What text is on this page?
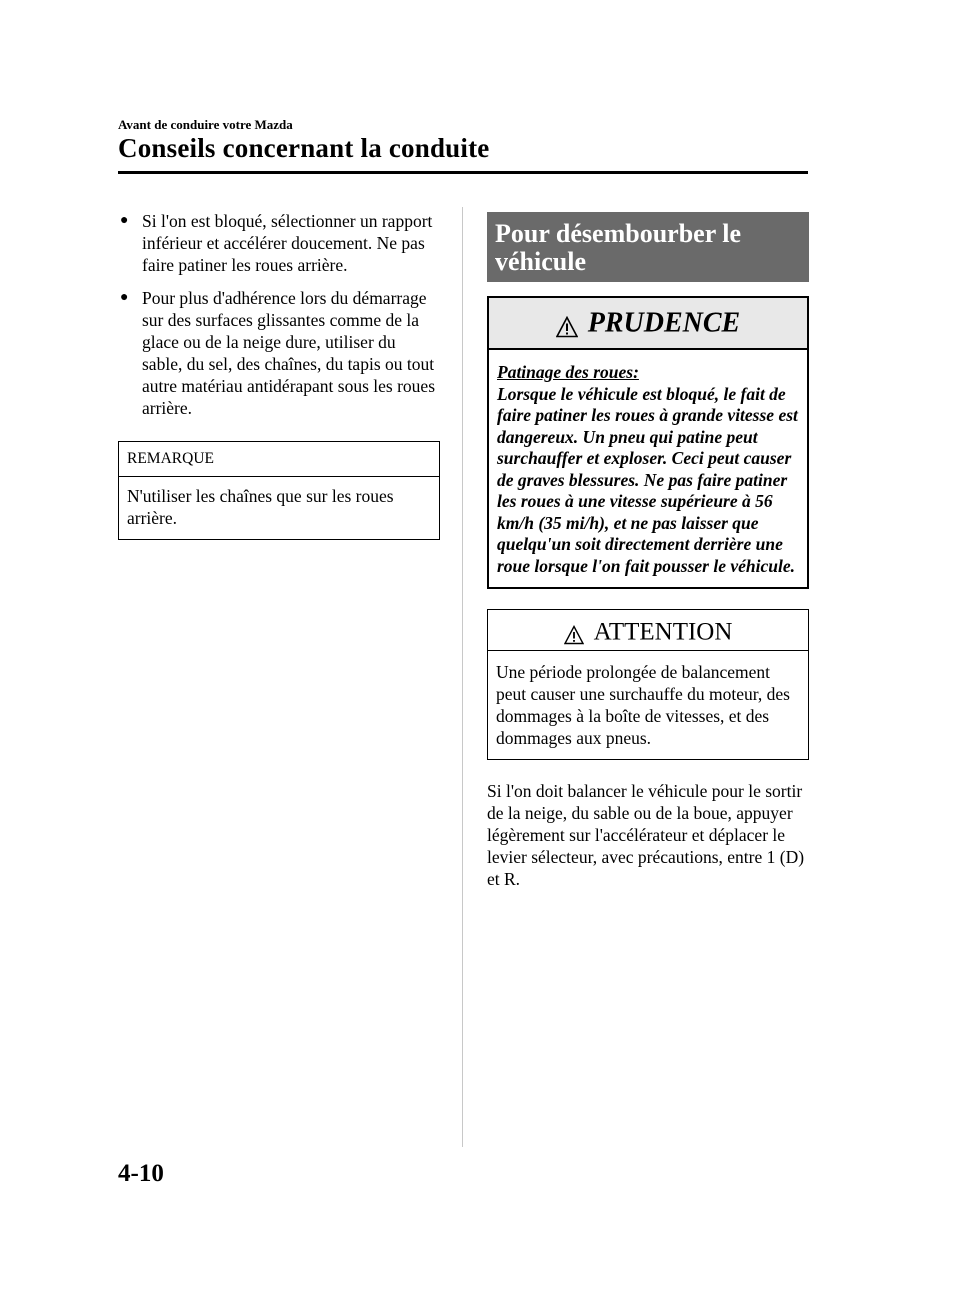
Avant de conduire votre Mazda
Conseils concernant la conduite
● Si l'on est bloqué, sélectionner un rapport inférieur et accélérer doucement. Ne pas faire patiner les roues arrière.
● Pour plus d'adhérence lors du démarrage sur des surfaces glissantes comme de la glace ou de la neige dure, utiliser du sable, du sel, des chaînes, du tapis ou tout autre matériau antidérapant sous les roues arrière.
REMARQUE
N'utiliser les chaînes que sur les roues arrière.
Pour désembourber le véhicule
PRUDENCE
Patinage des roues:
Lorsque le véhicule est bloqué, le fait de faire patiner les roues à grande vitesse est dangereux. Un pneu qui patine peut surchauffer et exploser. Ceci peut causer de graves blessures. Ne pas faire patiner les roues à une vitesse supérieure à 56 km/h (35 mi/h), et ne pas laisser que quelqu'un soit directement derrière une roue lorsque l'on fait pousser le véhicule.
ATTENTION
Une période prolongée de balancement peut causer une surchauffe du moteur, des dommages à la boîte de vitesses, et des dommages aux pneus.
Si l'on doit balancer le véhicule pour le sortir de la neige, du sable ou de la boue, appuyer légèrement sur l'accélérateur et déplacer le levier sélecteur, avec précautions, entre 1 (D) et R.
4-10
